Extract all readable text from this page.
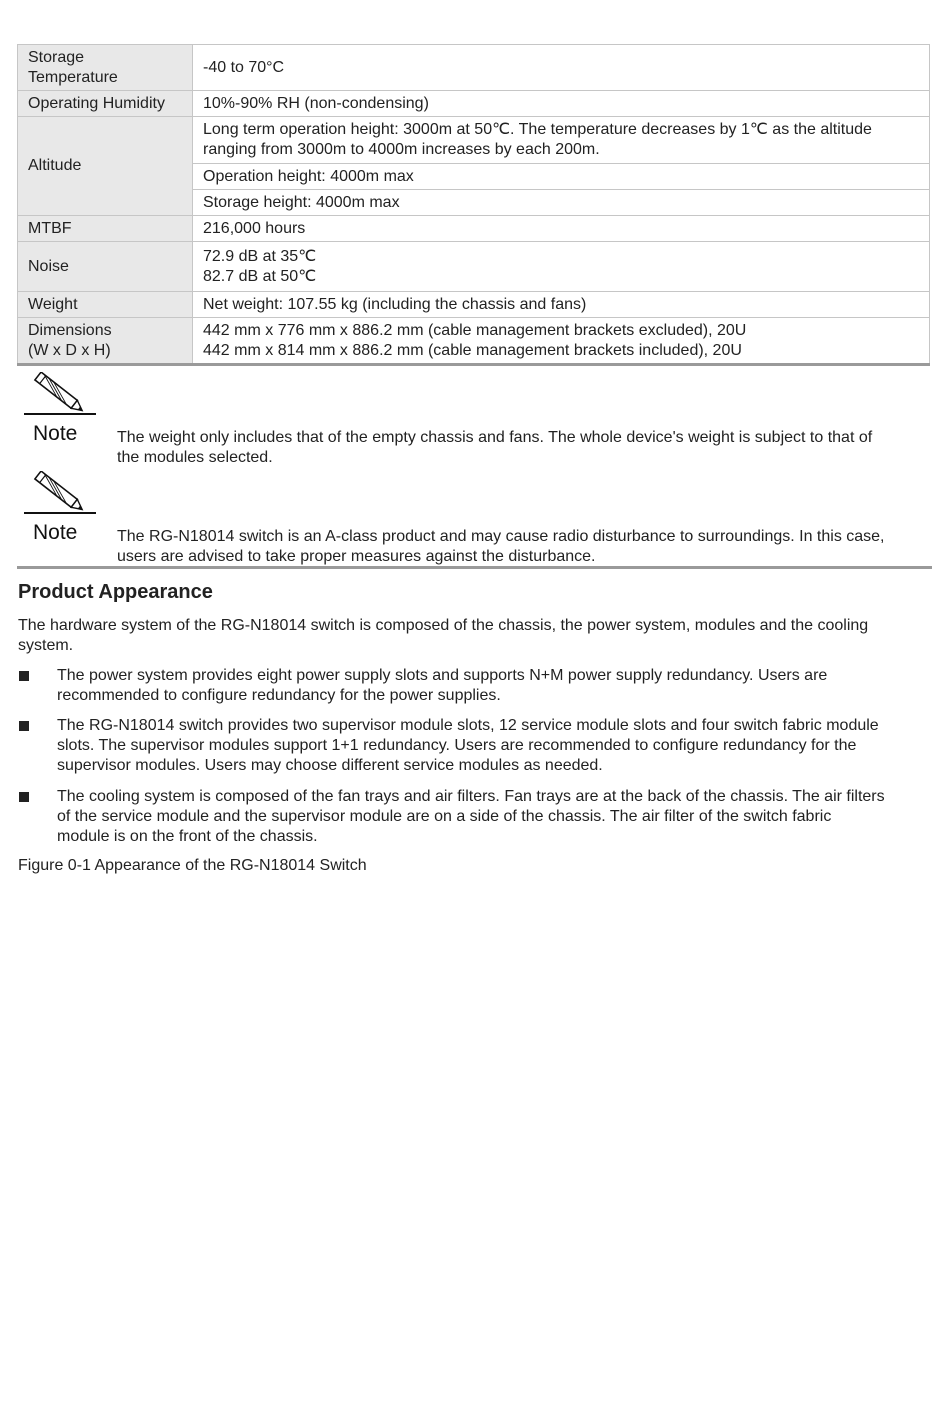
Storage
Temperature	-40 to 70°C
Operating Humidity	10%-90% RH (non-condensing)
Altitude	Long term operation height: 3000m at 50℃. The temperature decreases by 1℃ as the altitude
ranging from 3000m to 4000m increases by each 200m.

	Operation height: 4000m max
	Storage height: 4000m max
MTBF	216,000 hours
Noise	72.9 dB at 35℃
82.7 dB at 50℃

Weight	Net weight: 107.55 kg (including the chassis and fans)

Dimensions
(W x D x H)	442 mm x 776 mm x 886.2 mm (cable management brackets excluded), 20U
442 mm x 814 mm x 886.2 mm (cable management brackets included), 20U
Note The weight only includes that of the empty chassis and fans. The whole device's weight is subject to that of
the modules selected.
Note The RG-N18014 switch is an A-class product and may cause radio disturbance to surroundings. In this case,
users are advised to take proper measures against the disturbance.
Product Appearance
The hardware system of the RG-N18014 switch is composed of the chassis, the power system, modules and the cooling
system.
The power system provides eight power supply slots and supports N+M power supply redundancy. Users are
recommended to configure redundancy for the power supplies.
The RG-N18014 switch provides two supervisor module slots, 12 service module slots and four switch fabric module
slots. The supervisor modules support 1+1 redundancy. Users are recommended to configure redundancy for the
supervisor modules. Users may choose different service modules as needed.
The cooling system is composed of the fan trays and air filters. Fan trays are at the back of the chassis. The air filters
of the service module and the supervisor module are on a side of the chassis. The air filter of the switch fabric
module is on the front of the chassis.
Figure 0-1 Appearance of the RG-N18014 Switch
